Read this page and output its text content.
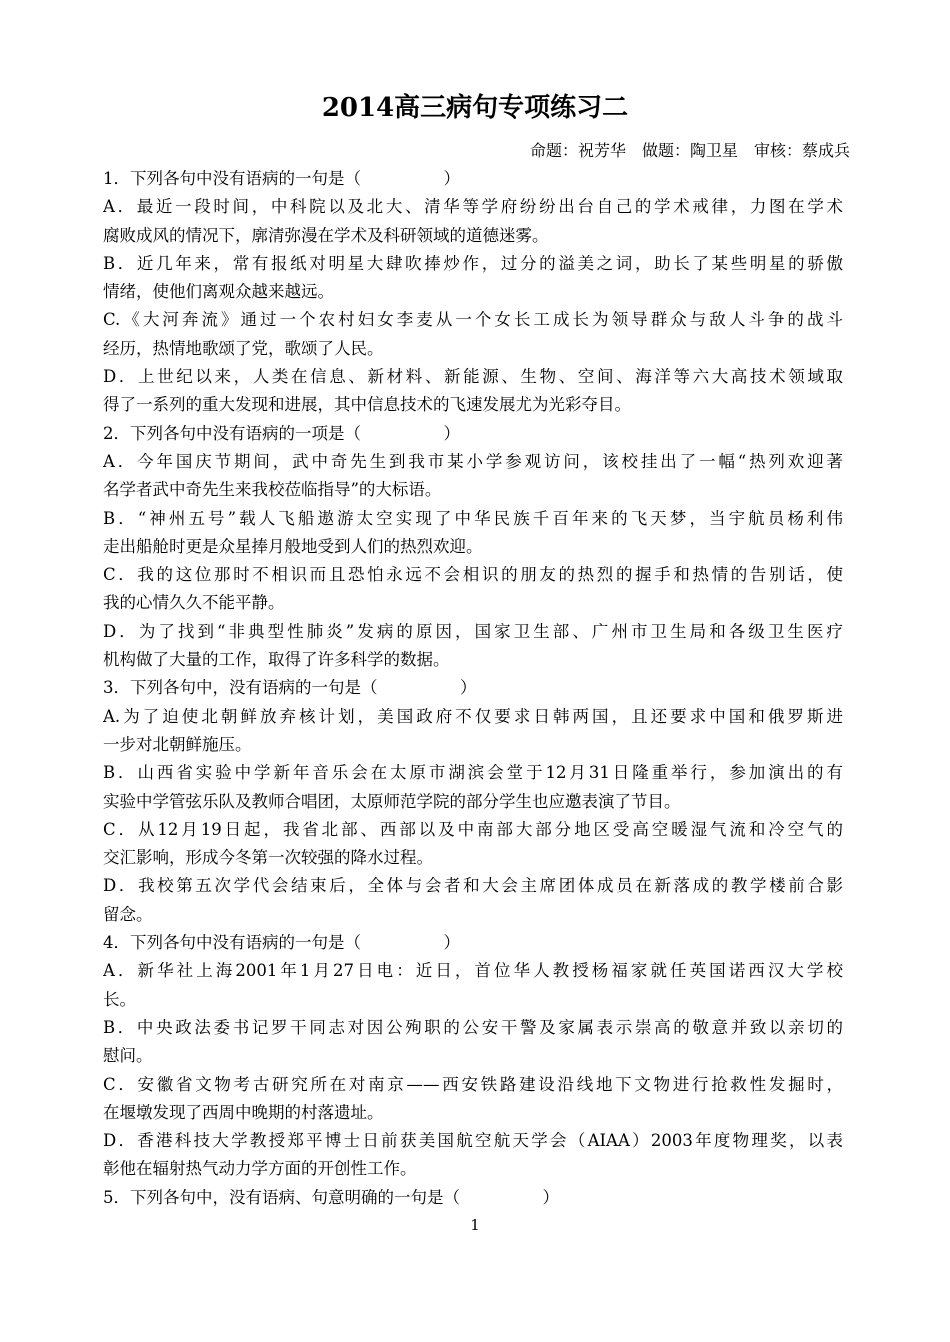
2014高三病句专项练习二
命题：祝芳华　做题：陶卫星　审核：蔡成兵
1．下列各句中没有语病的一句是（　　　　　）
A．最近一段时间，中科院以及北大、清华等学府纷纷出台自己的学术戒律，力图在学术
腐败成风的情况下，廓清弥漫在学术及科研领域的道德迷雾。
B．近几年来，常有报纸对明星大肆吹捧炒作，过分的溢美之词，助长了某些明星的骄傲
情绪，使他们离观众越来越远。
C.《大河奔流》通过一个农村妇女李麦从一个女长工成长为领导群众与敌人斗争的战斗
经历，热情地歌颂了党，歌颂了人民。
D．上世纪以来，人类在信息、新材料、新能源、生物、空间、海洋等六大高技术领域取
得了一系列的重大发现和进展，其中信息技术的飞速发展尤为光彩夺目。
2．下列各句中没有语病的一项是（　　　　　）
A．今年国庆节期间，武中奇先生到我市某小学参观访问，该校挂出了一幅“热列欢迎著
名学者武中奇先生来我校莅临指导”的大标语。
B．“神州五号”载人飞船遨游太空实现了中华民族千百年来的飞天梦，当宇航员杨利伟
走出船舱时更是众星捧月般地受到人们的热烈欢迎。
C．我的这位那时不相识而且恐怕永远不会相识的朋友的热烈的握手和热情的告别话，使
我的心情久久不能平静。
D．为了找到“非典型性肺炎”发病的原因，国家卫生部、广州市卫生局和各级卫生医疗
机构做了大量的工作，取得了许多科学的数据。
3．下列各句中，没有语病的一句是（　　　　　）
A.为了迫使北朝鲜放弃核计划，美国政府不仅要求日韩两国，且还要求中国和俄罗斯进
一步对北朝鲜施压。
B．山西省实验中学新年音乐会在太原市湖滨会堂于12月31日隆重举行，参加演出的有
实验中学管弦乐队及教师合唱团，太原师范学院的部分学生也应邀表演了节目。
C．从12月19日起，我省北部、西部以及中南部大部分地区受高空暖湿气流和冷空气的
交汇影响，形成今冬第一次较强的降水过程。
D．我校第五次学代会结束后，全体与会者和大会主席团体成员在新落成的教学楼前合影
留念。
4．下列各句中没有语病的一句是（　　　　　）
A．新华社上海2001年1月27日电：近日，首位华人教授杨福家就任英国诺西汉大学校
长。
B．中央政法委书记罗干同志对因公殉职的公安干警及家属表示崇高的敬意并致以亲切的
慰问。
C．安徽省文物考古研究所在对南京——西安铁路建设沿线地下文物进行抢救性发掘时，
在堰墩发现了西周中晚期的村落遗址。
D．香港科技大学教授郑平博士日前获美国航空航天学会（AIAA）2003年度物理奖，以表
彰他在辐射热气动力学方面的开创性工作。
5．下列各句中，没有语病、句意明确的一句是（　　　　　）
1
